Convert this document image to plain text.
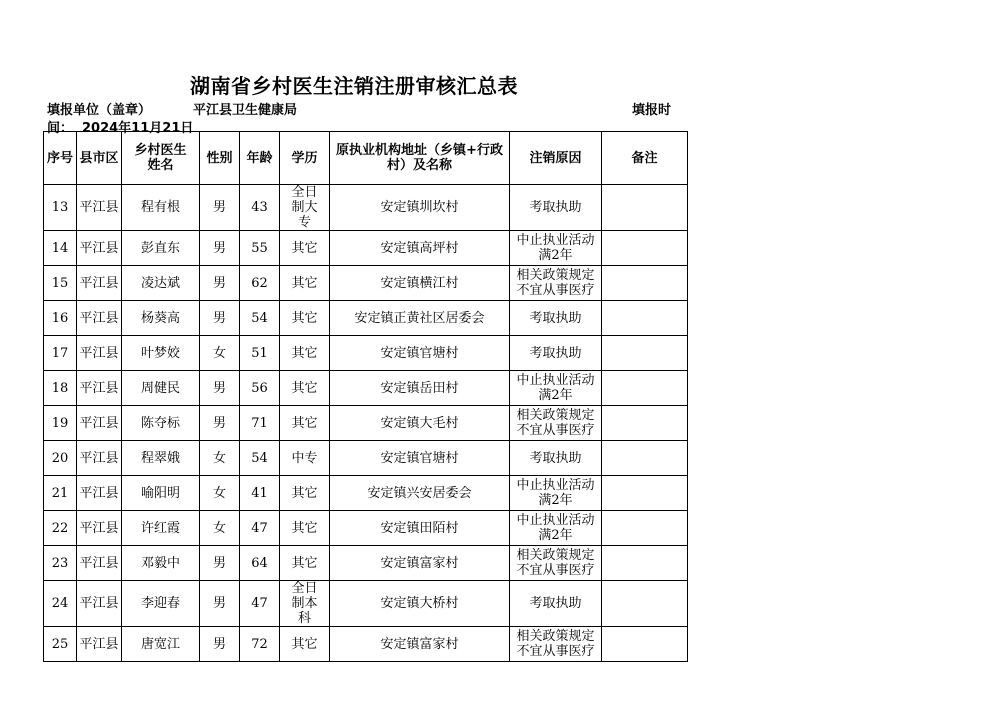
湖南省乡村医生注销注册审核汇总表
填报单位（盖章）	平江县卫生健康局	填报时
间： 2024年11月21日
序号	县市区	乡村医生姓名	性别	年龄	学历	原执业机构地址（乡镇+行政村）及名称	注销原因	备注
13	平江县	程有根	男	43	全日制大专	安定镇圳坎村	考取执助	
14	平江县	彭直东	男	55	其它	安定镇高坪村	中止执业活动满2年	
15	平江县	凌达斌	男	62	其它	安定镇横江村	相关政策规定不宜从事医疗	
16	平江县	杨葵高	男	54	其它	安定镇正黄社区居委会	考取执助	
17	平江县	叶梦姣	女	51	其它	安定镇官塘村	考取执助	
18	平江县	周健民	男	56	其它	安定镇岳田村	中止执业活动满2年	
19	平江县	陈夺标	男	71	其它	安定镇大毛村	相关政策规定不宜从事医疗	
20	平江县	程翠娥	女	54	中专	安定镇官塘村	考取执助	
21	平江县	喻阳明	女	41	其它	安定镇兴安居委会	中止执业活动满2年	
22	平江县	许红霞	女	47	其它	安定镇田陌村	中止执业活动满2年	
23	平江县	邓毅中	男	64	其它	安定镇富家村	相关政策规定不宜从事医疗	
24	平江县	李迎春	男	47	全日制本科	安定镇大桥村	考取执助	
25	平江县	唐宽江	男	72	其它	安定镇富家村	相关政策规定不宜从事医疗	
